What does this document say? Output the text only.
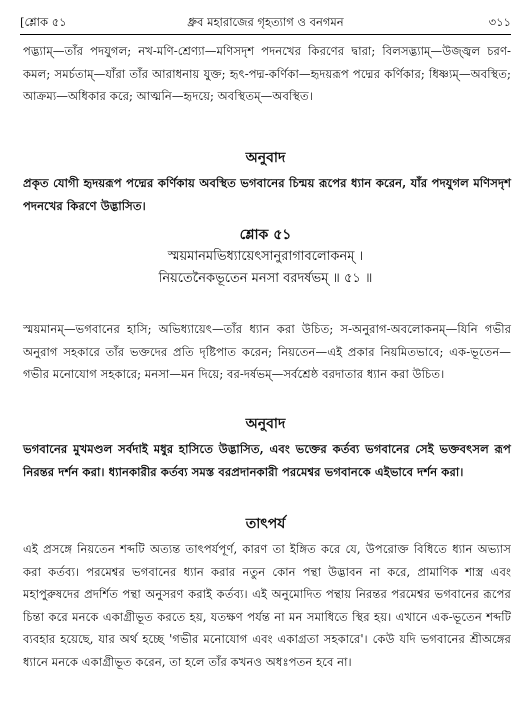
[শ্লোক ৫১	ধ্রুব মহারাজের গৃহত্যাগ ও বনগমন	৩১১

পদ্ভ্যাম্—তাঁর পদযুগল; নখ-মণি-শ্রেণ্যা—মণিসদৃশ পদনখের কিরণের দ্বারা; বিলসদ্ভ্যাম্—উজ্জ্বল চরণ-কমল; সমর্চতাম্—যাঁরা তাঁর আরাধনায় যুক্ত; হৃৎ-পদ্ম-কর্ণিকা—হৃদয়রূপ পদ্মের কর্ণিকার; ধিষ্ণ্যম্—অবস্থিত; আক্রম্য—অধিকার করে; আত্মনি—হৃদয়ে; অবস্থিতম্—অবস্থিত।

অনুবাদ

প্রকৃত যোগী হৃদয়রূপ পদ্মের কর্ণিকায় অবস্থিত ভগবানের চিন্ময় রূপের ধ্যান করেন, যাঁর পদযুগল মণিসদৃশ পদনখের কিরণে উদ্ভাসিত।

শ্লোক ৫১
স্ময়মানমভিধ্যায়েৎসানুরাগাবলোকনম্ ।
নিয়তেনৈকভূতেন মনসা বরদর্ষভম্ ॥ ৫১ ॥

স্ময়মানম্—ভগবানের হাসি; অভিধ্যায়েৎ—তাঁর ধ্যান করা উচিত; স-অনুরাগ-অবলোকনম্—যিনি গভীর অনুরাগ সহকারে তাঁর ভক্তদের প্রতি দৃষ্টিপাত করেন; নিয়তেন—এই প্রকার নিয়মিতভাবে; এক-ভূতেন—গভীর মনোযোগ সহকারে; মনসা—মন দিয়ে; বর-দর্ষভম্—সর্বশ্রেষ্ঠ বরদাতার ধ্যান করা উচিত।

অনুবাদ

ভগবানের মুখমণ্ডল সর্বদাই মধুর হাসিতে উদ্ভাসিত, এবং ভক্তের কর্তব্য ভগবানের সেই ভক্তবৎসল রূপ নিরন্তর দর্শন করা। ধ্যানকারীর কর্তব্য সমস্ত বরপ্রদানকারী পরমেশ্বর ভগবানকে এইভাবে দর্শন করা।

তাৎপর্য

এই প্রসঙ্গে নিয়তেন শব্দটি অত্যন্ত তাৎপর্যপূর্ণ, কারণ তা ইঙ্গিত করে যে, উপরোক্ত বিধিতে ধ্যান অভ্যাস করা কর্তব্য। পরমেশ্বর ভগবানের ধ্যান করার নতুন কোন পন্থা উদ্ভাবন না করে, প্রামাণিক শাস্ত্র এবং মহাপুরুষদের প্রদর্শিত পন্থা অনুসরণ করাই কর্তব্য। এই অনুমোদিত পন্থায় নিরন্তর পরমেশ্বর ভগবানের রূপের চিন্তা করে মনকে একাগ্রীভূত করতে হয়, যতক্ষণ পর্যন্ত না মন সমাধিতে স্থির হয়। এখানে এক-ভূতেন শব্দটি ব্যবহার হয়েছে, যার অর্থ হচ্ছে 'গভীর মনোযোগ এবং একাগ্রতা সহকারে'। কেউ যদি ভগবানের শ্রীঅঙ্গের ধ্যানে মনকে একাগ্রীভূত করেন, তা হলে তাঁর কখনও অধঃপতন হবে না।
